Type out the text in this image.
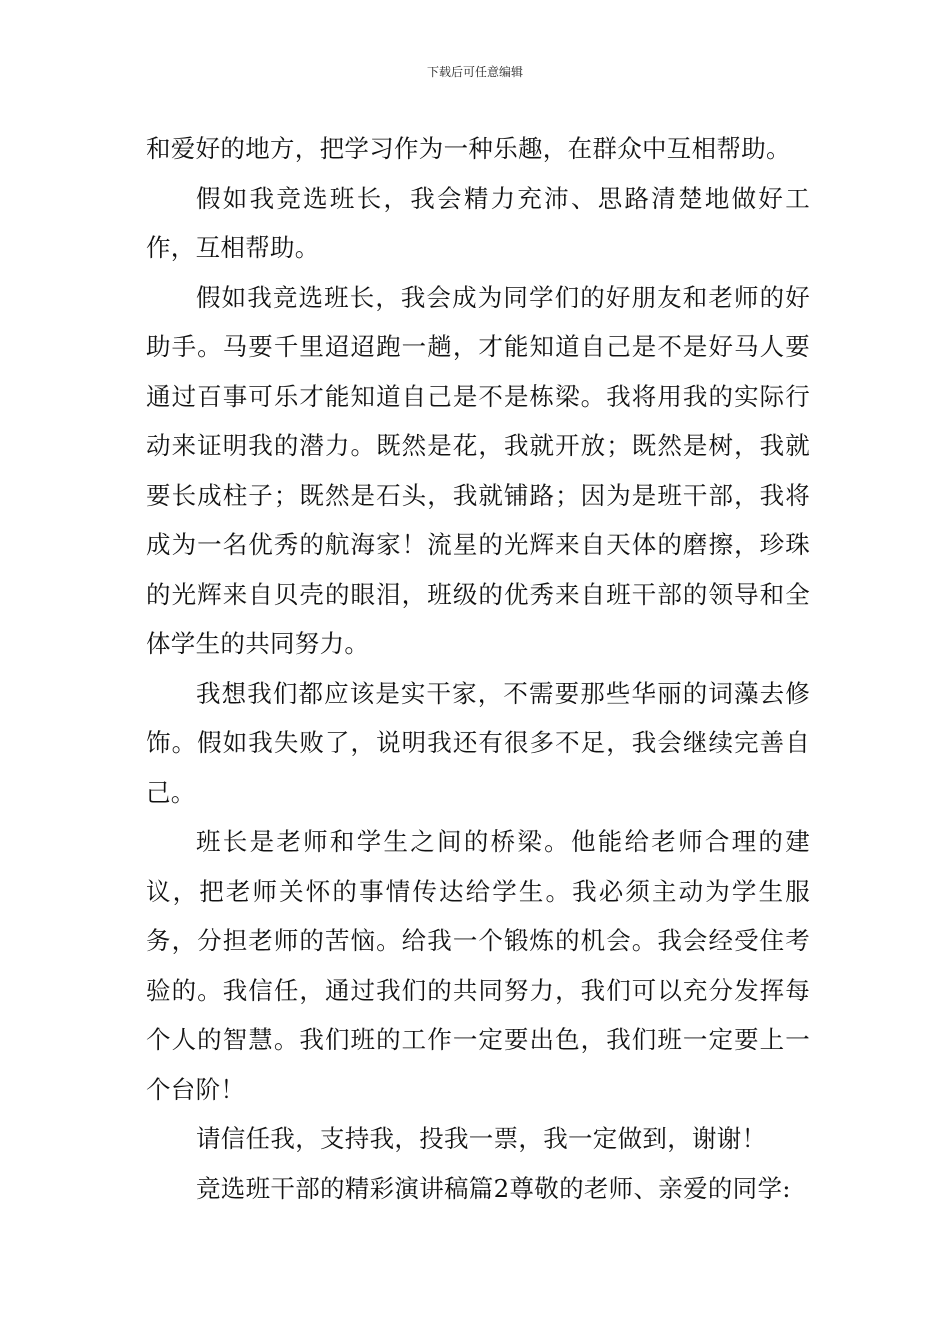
下载后可任意编辑

和爱好的地方，把学习作为一种乐趣，在群众中互相帮助。

假如我竞选班长，我会精力充沛、思路清楚地做好工作，互相帮助。

假如我竞选班长，我会成为同学们的好朋友和老师的好助手。马要千里迢迢跑一趟，才能知道自己是不是好马人要通过百事可乐才能知道自己是不是栋梁。我将用我的实际行动来证明我的潜力。既然是花，我就开放；既然是树，我就要长成柱子；既然是石头，我就铺路；因为是班干部，我将成为一名优秀的航海家！流星的光辉来自天体的磨擦，珍珠的光辉来自贝壳的眼泪，班级的优秀来自班干部的领导和全体学生的共同努力。

我想我们都应该是实干家，不需要那些华丽的词藻去修饰。假如我失败了，说明我还有很多不足，我会继续完善自己。

班长是老师和学生之间的桥梁。他能给老师合理的建议，把老师关怀的事情传达给学生。我必须主动为学生服务，分担老师的苦恼。给我一个锻炼的机会。我会经受住考验的。我信任，通过我们的共同努力，我们可以充分发挥每个人的智慧。我们班的工作一定要出色，我们班一定要上一个台阶！

请信任我，支持我，投我一票，我一定做到，谢谢！

竞选班干部的精彩演讲稿篇2尊敬的老师、亲爱的同学:
